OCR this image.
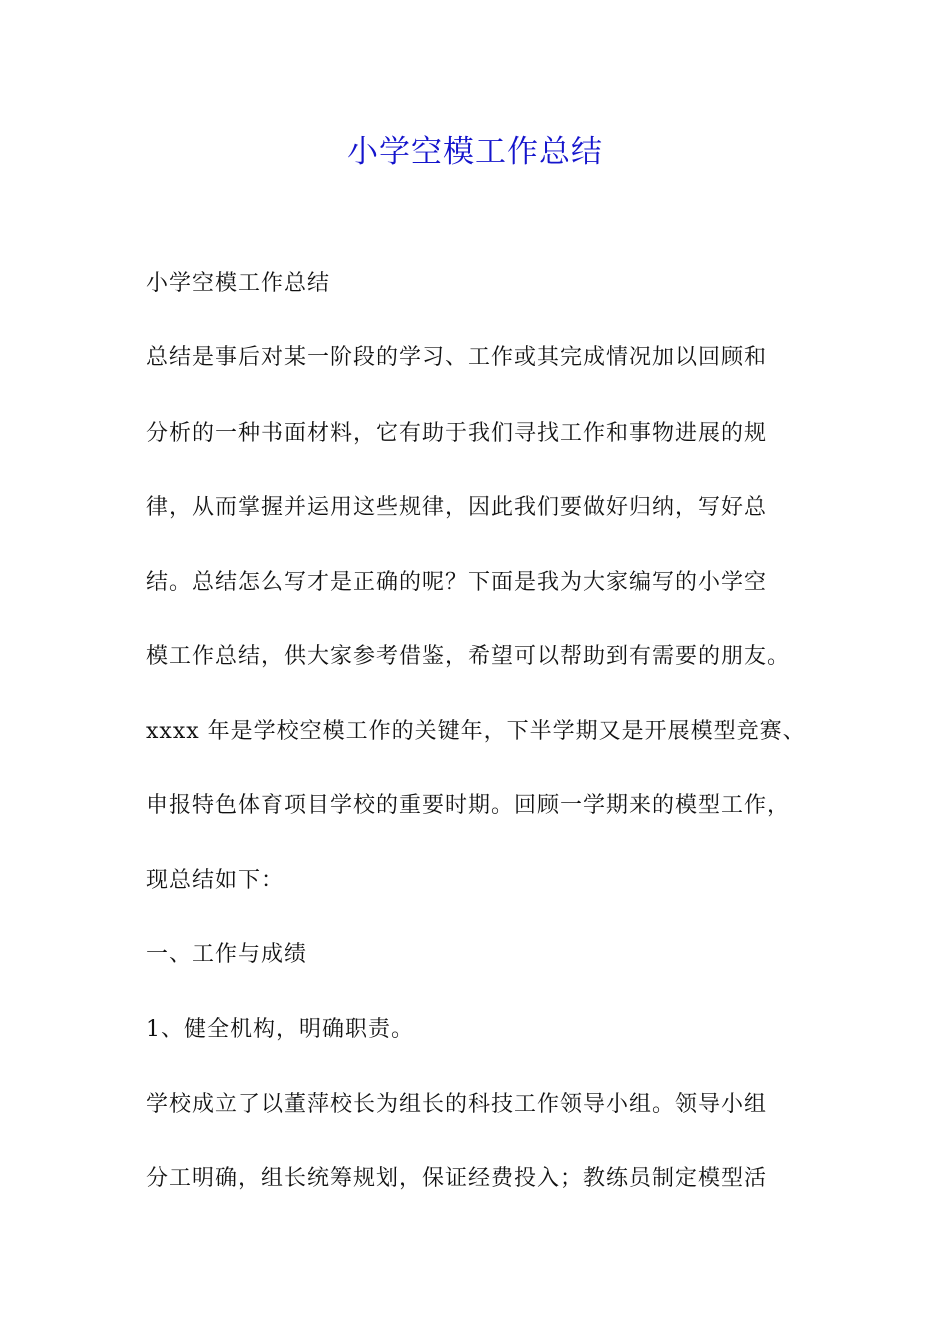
小学空模工作总结
小学空模工作总结
总结是事后对某一阶段的学习、工作或其完成情况加以回顾和
分析的一种书面材料，它有助于我们寻找工作和事物进展的规
律，从而掌握并运用这些规律，因此我们要做好归纳，写好总
结。总结怎么写才是正确的呢？下面是我为大家编写的小学空
模工作总结，供大家参考借鉴，希望可以帮助到有需要的朋友。
xxxx 年是学校空模工作的关键年，下半学期又是开展模型竞赛、
申报特色体育项目学校的重要时期。回顾一学期来的模型工作，
现总结如下：
一、工作与成绩
1、健全机构，明确职责。
学校成立了以董萍校长为组长的科技工作领导小组。领导小组
分工明确，组长统筹规划，保证经费投入；教练员制定模型活
